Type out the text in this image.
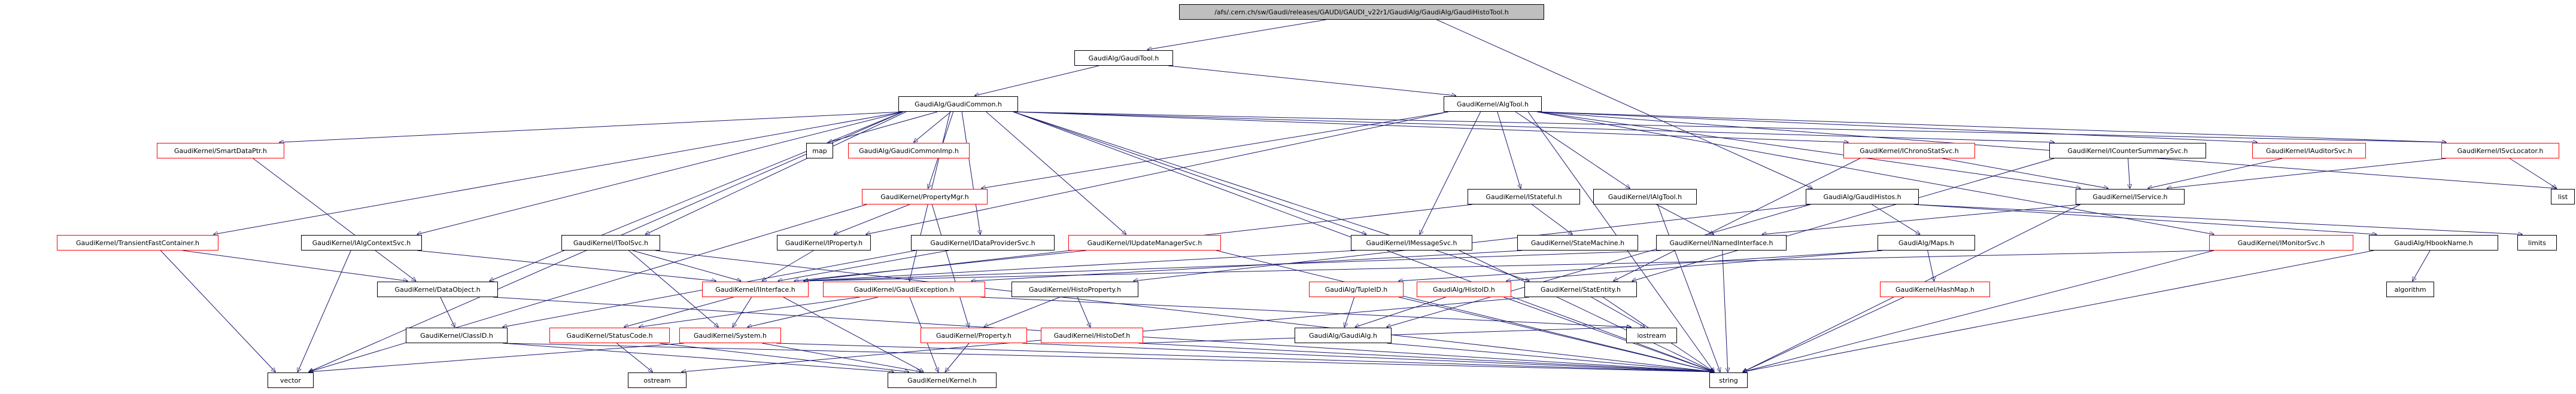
/afs/.cern.ch/sw/Gaudi/releases/GAUDI/GAUDI_v22r1/GaudiAlg/GaudiAlg/GaudiHistoTool.h
GaudiAlg/GaudiTool.h
GaudiAlg/GaudiCommon.h	GaudiKernel/AlgTool.h
GaudiKernel/SmartDataPtr.h	map	GaudiAlg/GaudiCommonImp.h	GaudiKernel/IChronoStatSvc.h	GaudiKernel/ICounterSummarySvc.h	GaudiKernel/IAuditorSvc.h	GaudiKernel/ISvcLocator.h
GaudiKernel/PropertyMgr.h	GaudiKernel/IStateful.h	GaudiKernel/IAlgTool.h	GaudiAlg/GaudiHistos.h	GaudiKernel/IService.h	list
GaudiKernel/TransientFastContainer.h	GaudiKernel/IAlgContextSvc.h	GaudiKernel/IToolSvc.h	GaudiKernel/IProperty.h	GaudiKernel/IDataProviderSvc.h	GaudiKernel/IUpdateManagerSvc.h	GaudiKernel/IMessageSvc.h	GaudiKernel/StateMachine.h	GaudiKernel/INamedInterface.h	GaudiAlg/Maps.h	GaudiKernel/IMonitorSvc.h	GaudiAlg/HbookName.h	limits
GaudiKernel/DataObject.h	GaudiKernel/IInterface.h	GaudiKernel/GaudiException.h	GaudiKernel/HistoProperty.h	GaudiAlg/TupleID.h	GaudiAlg/HistoID.h	GaudiKernel/StatEntity.h	GaudiKernel/HashMap.h	algorithm
GaudiKernel/ClassID.h	GaudiKernel/StatusCode.h	GaudiKernel/System.h	GaudiKernel/Property.h	GaudiKernel/HistoDef.h	GaudiAlg/GaudiAlg.h	iostream
vector	ostream	GaudiKernel/Kernel.h	string
